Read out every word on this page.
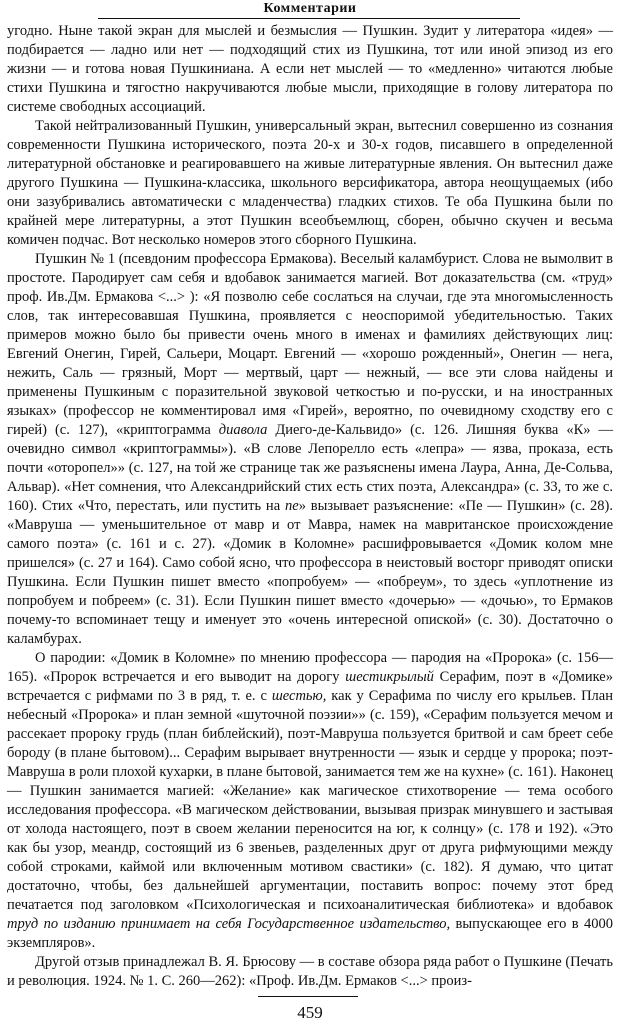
Комментарии

угодно. Ныне такой экран для мыслей и безмыслия — Пушкин. Зудит у литератора «идея» — подбирается — ладно или нет — подходящий стих из Пушкина, тот или иной эпизод из его жизни — и готова новая Пушкиниана. А если нет мыслей — то «медленно» читаются любые стихи Пушкина и тягостно накручиваются любые мысли, приходящие в голову литератора по системе свободных ассоциаций.

Такой нейтрализованный Пушкин, универсальный экран, вытеснил совершенно из сознания современности Пушкина исторического, поэта 20-х и 30-х годов, писавшего в определенной литературной обстановке и реагировавшего на живые литературные явления. Он вытеснил даже другого Пушкина — Пушкина-классика, школьного версификатора, автора неощущаемых (ибо они зазубривались автоматически с младенчества) гладких стихов. Те оба Пушкина были по крайней мере литературны, а этот Пушкин всеобъемлющ, сборен, обычно скучен и весьма комичен подчас. Вот несколько номеров этого сборного Пушкина.

Пушкин № 1 (псевдоним профессора Ермакова). Веселый каламбурист. Слова не вымолвит в простоте. Пародирует сам себя и вдобавок занимается магией. Вот доказательства (см. «труд» проф. Ив.Дм. Ермакова <...> ): «Я позволю себе сослаться на случаи, где эта многомысленность слов, так интересовавшая Пушкина, проявляется с неоспоримой убедительностью. Таких примеров можно было бы привести очень много в именах и фамилиях действующих лиц: Евгений Онегин, Гирей, Сальери, Моцарт. Евгений — «хорошо рожденный», Онегин — нега, нежить, Саль — грязный, Морт — мертвый, царт — нежный, — все эти слова найдены и применены Пушкиным с поразительной звуковой четкостью и по-русски, и на иностранных языках» (профессор не комментировал имя «Гирей», вероятно, по очевидному сходству его с гирей) (с. 127), «криптограмма диавола Диего-де-Кальвидо» (с. 126. Лишняя буква «К» — очевидно символ «криптограммы»). «В слове Лепорелло есть «лепра» — язва, проказа, есть почти «оторопел»» (с. 127, на той же странице так же разъяснены имена Лаура, Анна, Де-Сольва, Альвар). «Нет сомнения, что Александрийский стих есть стих поэта, Александра» (с. 33, то же с. 160). Стих «Что, перестать, или пустить на пе» вызывает разъяснение: «Пе — Пушкин» (с. 28). «Мавруша — уменьшительное от мавр и от Мавра, намек на мавританское происхождение самого поэта» (с. 161 и с. 27). «Домик в Коломне» расшифровывается «Домик колом мне пришелся» (с. 27 и 164). Само собой ясно, что профессора в неистовый восторг приводят описки Пушкина. Если Пушкин пишет вместо «попробуем» — «побреум», то здесь «уплотнение из попробуем и побреем» (с. 31). Если Пушкин пишет вместо «дочерью» — «дочью», то Ермаков почему-то вспоминает тещу и именует это «очень интересной опиской» (с. 30). Достаточно о каламбурах.

О пародии: «Домик в Коломне» по мнению профессора — пародия на «Пророка» (с. 156—165). «Пророк встречается и его выводит на дорогу шестикрылый Серафим, поэт в «Домике» встречается с рифмами по 3 в ряд, т. е. с шестью, как у Серафима по числу его крыльев. План небесный «Пророка» и план земной «шуточной поэзии»» (с. 159), «Серафим пользуется мечом и рассекает пророку грудь (план библейский), поэт-Мавруша пользуется бритвой и сам бреет себе бороду (в плане бытовом)... Серафим вырывает внутренности — язык и сердце у пророка; поэт-Мавруша в роли плохой кухарки, в плане бытовой, занимается тем же на кухне» (с. 161). Наконец — Пушкин занимается магией: «Желание» как магическое стихотворение — тема особого исследования профессора. «В магическом действовании, вызывая призрак минувшего и застывая от холода настоящего, поэт в своем желании переносится на юг, к солнцу» (с. 178 и 192). «Это как бы узор, меандр, состоящий из 6 звеньев, разделенных друг от друга рифмующими между собой строками, каймой или включенным мотивом свастики» (с. 182). Я думаю, что цитат достаточно, чтобы, без дальнейшей аргументации, поставить вопрос: почему этот бред печатается под заголовком «Психологическая и психоаналитическая библиотека» и вдобавок труд по изданию принимает на себя Государственное издательство, выпускающее его в 4000 экземпляров».

Другой отзыв принадлежал В. Я. Брюсову — в составе обзора ряда работ о Пушкине (Печать и революция. 1924. № 1. С. 260—262): «Проф. Ив.Дм. Ермаков <...> произ-

459
